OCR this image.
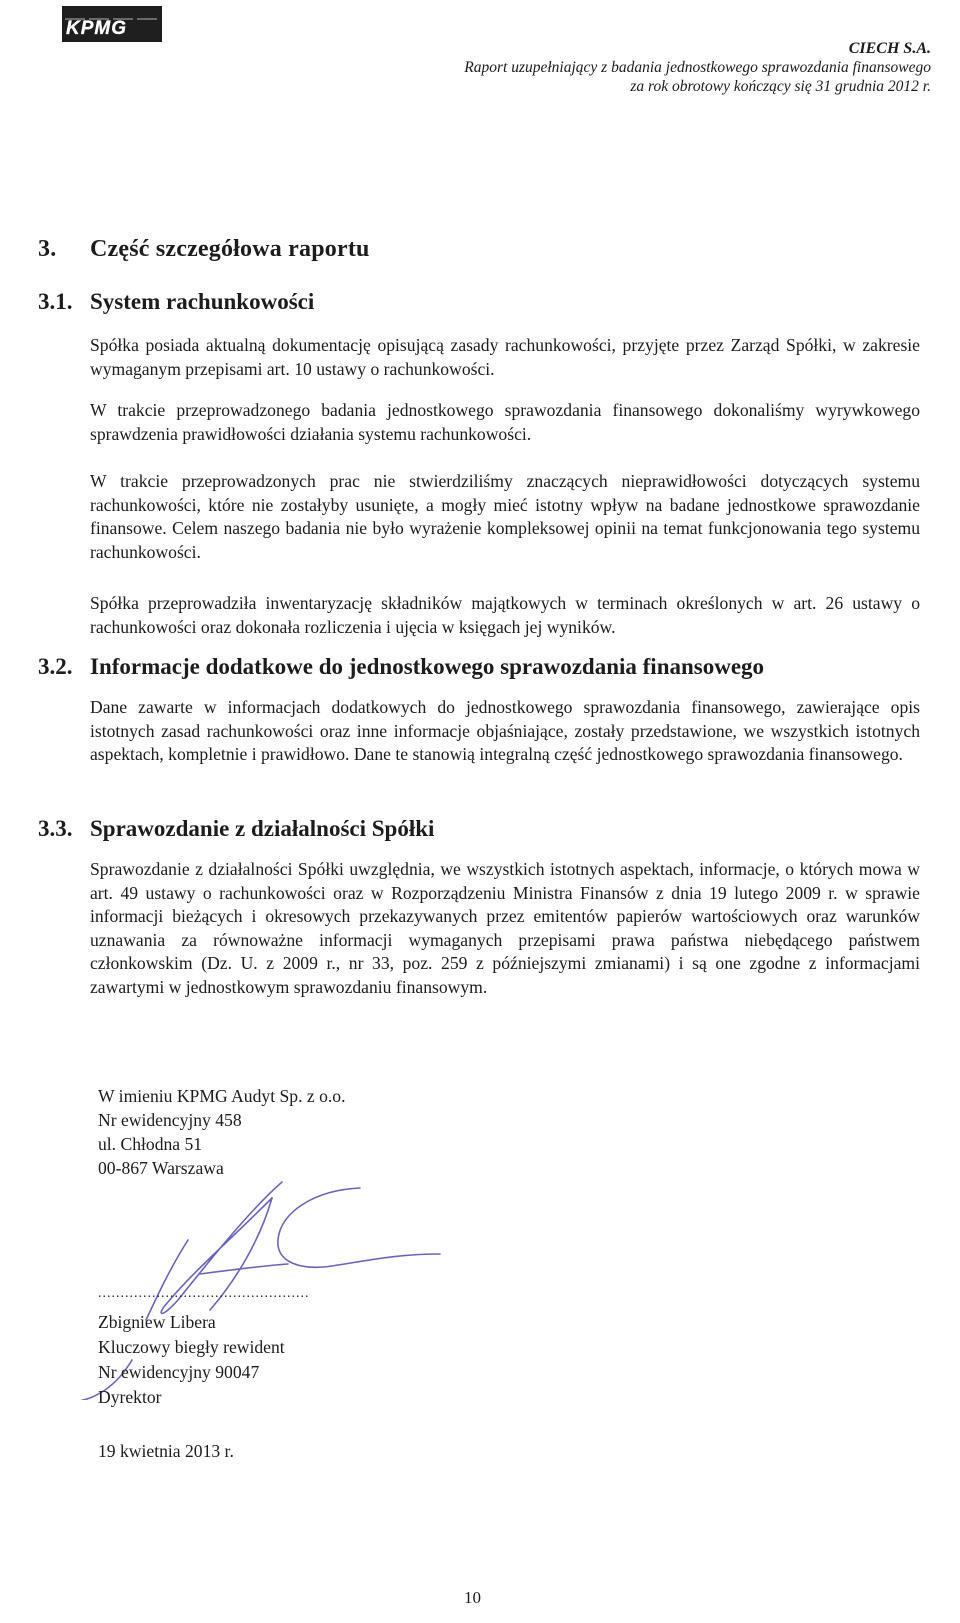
KPMG
CIECH S.A.
Raport uzupełniający z badania jednostkowego sprawozdania finansowego
za rok obrotowy kończący się 31 grudnia 2012 r.
3. Część szczegółowa raportu
3.1. System rachunkowości

Spółka posiada aktualną dokumentację opisującą zasady rachunkowości, przyjęte przez Zarząd Spółki, w zakresie wymaganym przepisami art. 10 ustawy o rachunkowości.

W trakcie przeprowadzonego badania jednostkowego sprawozdania finansowego dokonaliśmy wyrywkowego sprawdzenia prawidłowości działania systemu rachunkowości.

W trakcie przeprowadzonych prac nie stwierdziliśmy znaczących nieprawidłowości dotyczących systemu rachunkowości, które nie zostałyby usunięte, a mogły mieć istotny wpływ na badane jednostkowe sprawozdanie finansowe. Celem naszego badania nie było wyrażenie kompleksowej opinii na temat funkcjonowania tego systemu rachunkowości.

Spółka przeprowadziła inwentaryzację składników majątkowych w terminach określonych w art. 26 ustawy o rachunkowości oraz dokonała rozliczenia i ujęcia w księgach jej wyników.

3.2. Informacje dodatkowe do jednostkowego sprawozdania finansowego

Dane zawarte w informacjach dodatkowych do jednostkowego sprawozdania finansowego, zawierające opis istotnych zasad rachunkowości oraz inne informacje objaśniające, zostały przedstawione, we wszystkich istotnych aspektach, kompletnie i prawidłowo. Dane te stanowią integralną część jednostkowego sprawozdania finansowego.

3.3. Sprawozdanie z działalności Spółki

Sprawozdanie z działalności Spółki uwzględnia, we wszystkich istotnych aspektach, informacje, o których mowa w art. 49 ustawy o rachunkowości oraz w Rozporządzeniu Ministra Finansów z dnia 19 lutego 2009 r. w sprawie informacji bieżących i okresowych przekazywanych przez emitentów papierów wartościowych oraz warunków uznawania za równoważne informacji wymaganych przepisami prawa państwa niebędącego państwem członkowskim (Dz. U. z 2009 r., nr 33, poz. 259 z późniejszymi zmianami) i są one zgodne z informacjami zawartymi w jednostkowym sprawozdaniu finansowym.

W imieniu KPMG Audyt Sp. z o.o.
Nr ewidencyjny 458
ul. Chłodna 51
00-867 Warszawa
...............................................
Zbigniew Libera
Kluczowy biegły rewident
Nr ewidencyjny 90047
Dyrektor
19 kwietnia 2013 r.
10
